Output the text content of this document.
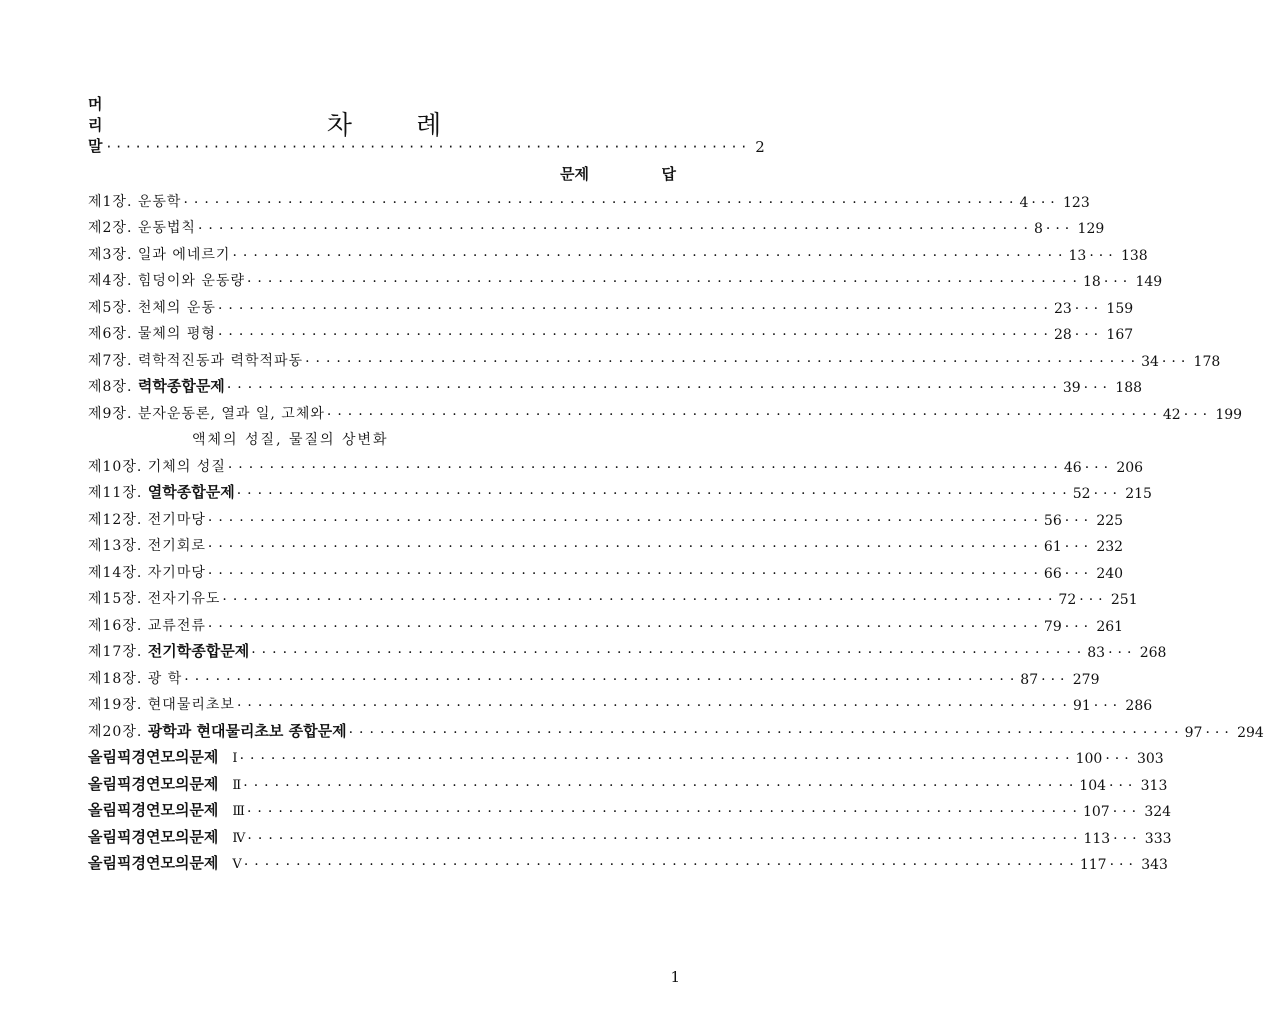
차 례
머리말 ·································································· 2
문제	답
제1장. 운동학 ················································································ 4 ··· 123
제2장. 운동법칙 ················································································ 8 ··· 129
제3장. 일과 에네르기 ················································································ 13 ··· 138
제4장. 힘덩이와 운동량 ················································································ 18 ··· 149
제5장. 천체의 운동 ················································································ 23 ··· 159
제6장. 물체의 평형 ················································································ 28 ··· 167
제7장. 력학적진동과 력학적파동 ················································································ 34 ··· 178
제8장. 력학종합문제 ················································································ 39 ··· 188
제9장. 분자운동론, 열과 일, 고체와 ················································································ 42 ··· 199
액체의 성질, 물질의 상변화
제10장. 기체의 성질 ················································································ 46 ··· 206
제11장. 열학종합문제 ················································································ 52 ··· 215
제12장. 전기마당 ················································································ 56 ··· 225
제13장. 전기회로 ················································································ 61 ··· 232
제14장. 자기마당 ················································································ 66 ··· 240
제15장. 전자기유도 ················································································ 72 ··· 251
제16장. 교류전류 ················································································ 79 ··· 261
제17장. 전기학종합문제 ················································································ 83 ··· 268
제18장. 광 학 ················································································ 87 ··· 279
제19장. 현대물리초보 ················································································ 91 ··· 286
제20장. 광학과 현대물리초보 종합문제 ················································································ 97 ··· 294
올림픽경연모의문제 Ⅰ ················································································ 100 ··· 303
올림픽경연모의문제 Ⅱ ················································································ 104 ··· 313
올림픽경연모의문제 Ⅲ ················································································ 107 ··· 324
올림픽경연모의문제 Ⅳ ················································································ 113 ··· 333
올림픽경연모의문제 Ⅴ ················································································ 117 ··· 343
1
